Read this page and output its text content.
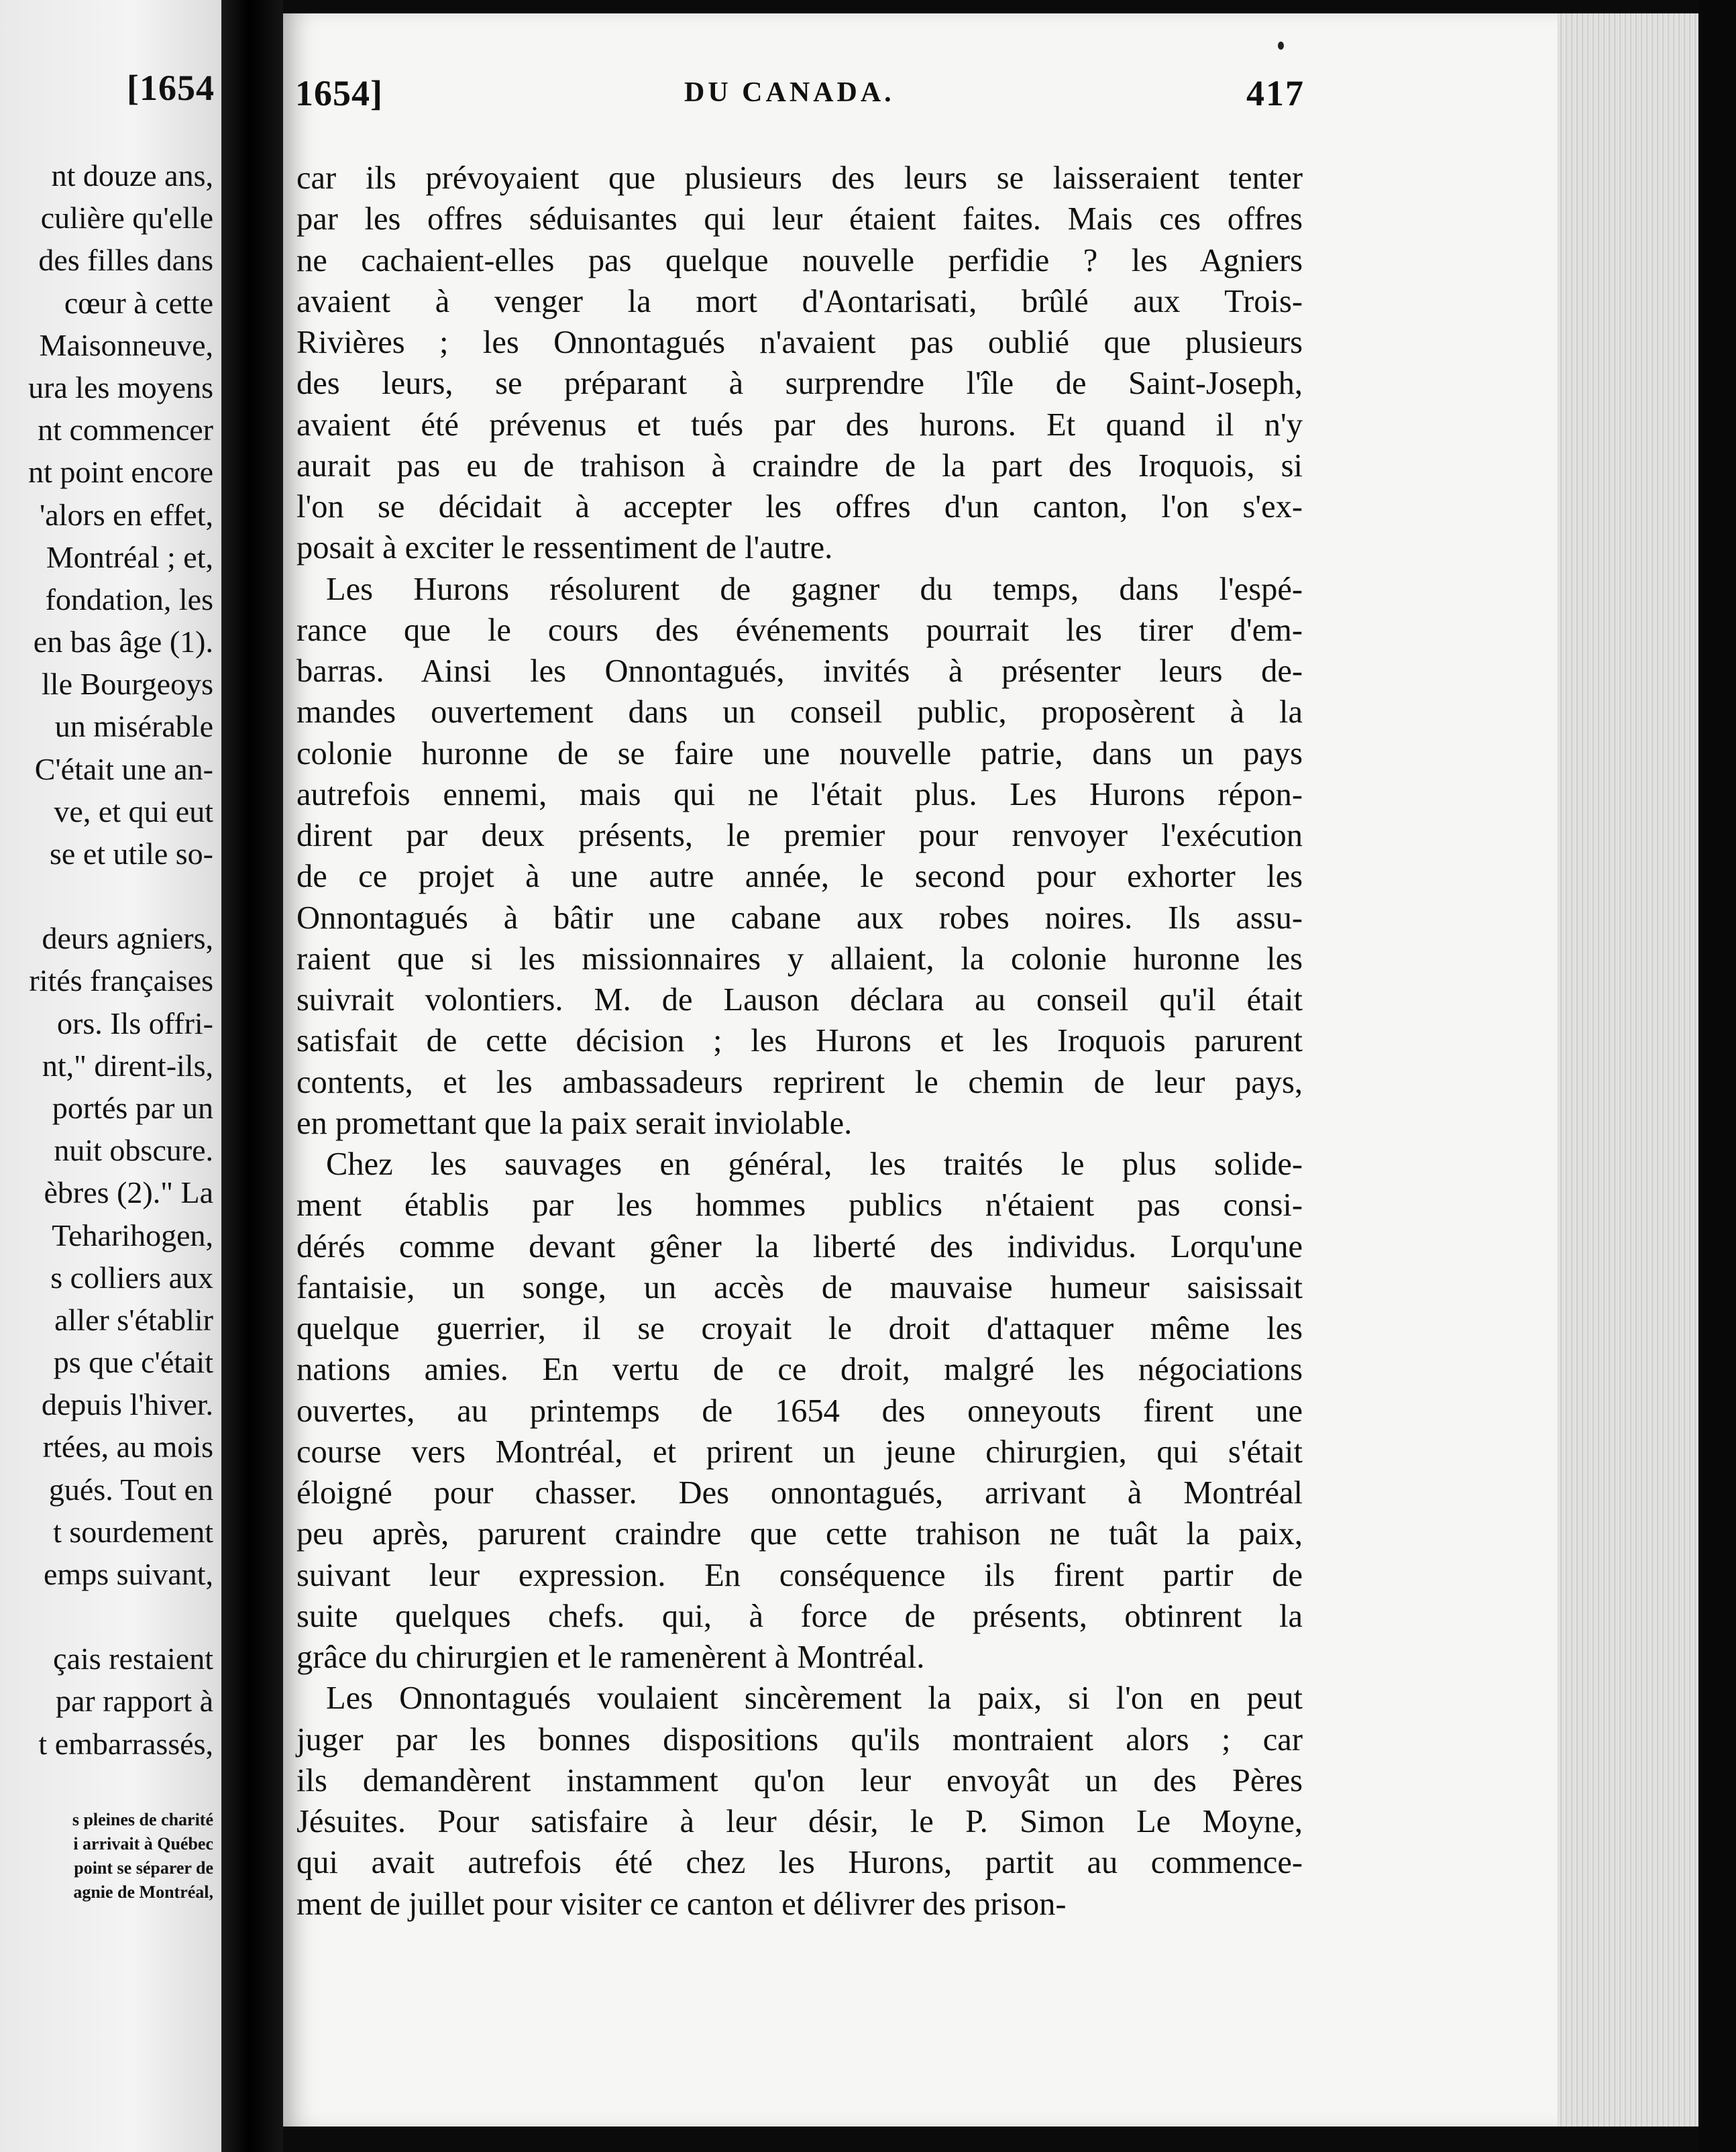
[1654
nt douze ans,
culière qu'elle
des filles dans
cœur à cette
Maisonneuve,
ura les moyens
nt commencer
nt point encore
'alors en effet,
Montréal ; et,
fondation, les
en bas âge (1).
lle Bourgeoys
un misérable
C'était une an-
ve, et qui eut
se et utile so-
deurs agniers,
rités françaises
ors. Ils offri-
nt," dirent-ils,
portés par un
nuit obscure.
èbres (2)." La
Teharihogen,
s colliers aux
aller s'établir
ps que c'était
depuis l'hiver.
rtées, au mois
gués. Tout en
t sourdement
emps suivant,
çais restaient
par rapport à
t embarrassés,
s pleines de charité
i arrivait à Québec
point se séparer de
agnie de Montréal,
1654]	DU CANADA.	417
car ils prévoyaient que plusieurs des leurs se laisseraient tenter
par les offres séduisantes qui leur étaient faites. Mais ces offres
ne cachaient-elles pas quelque nouvelle perfidie ? les Agniers
avaient à venger la mort d'Aontarisati, brûlé aux Trois-
Rivières ; les Onnontagués n'avaient pas oublié que plusieurs
des leurs, se préparant à surprendre l'île de Saint-Joseph,
avaient été prévenus et tués par des hurons. Et quand il n'y
aurait pas eu de trahison à craindre de la part des Iroquois, si
l'on se décidait à accepter les offres d'un canton, l'on s'ex-
posait à exciter le ressentiment de l'autre.
Les Hurons résolurent de gagner du temps, dans l'espé-
rance que le cours des événements pourrait les tirer d'em-
barras. Ainsi les Onnontagués, invités à présenter leurs de-
mandes ouvertement dans un conseil public, proposèrent à la
colonie huronne de se faire une nouvelle patrie, dans un pays
autrefois ennemi, mais qui ne l'était plus. Les Hurons répon-
dirent par deux présents, le premier pour renvoyer l'exécution
de ce projet à une autre année, le second pour exhorter les
Onnontagués à bâtir une cabane aux robes noires. Ils assu-
raient que si les missionnaires y allaient, la colonie huronne les
suivrait volontiers. M. de Lauson déclara au conseil qu'il était
satisfait de cette décision ; les Hurons et les Iroquois parurent
contents, et les ambassadeurs reprirent le chemin de leur pays,
en promettant que la paix serait inviolable.
Chez les sauvages en général, les traités le plus solide-
ment établis par les hommes publics n'étaient pas consi-
dérés comme devant gêner la liberté des individus. Lorqu'une
fantaisie, un songe, un accès de mauvaise humeur saisissait
quelque guerrier, il se croyait le droit d'attaquer même les
nations amies. En vertu de ce droit, malgré les négociations
ouvertes, au printemps de 1654 des onneyouts firent une
course vers Montréal, et prirent un jeune chirurgien, qui s'était
éloigné pour chasser. Des onnontagués, arrivant à Montréal
peu après, parurent craindre que cette trahison ne tuât la paix,
suivant leur expression. En conséquence ils firent partir de
suite quelques chefs. qui, à force de présents, obtinrent la
grâce du chirurgien et le ramenèrent à Montréal.
Les Onnontagués voulaient sincèrement la paix, si l'on en peut
juger par les bonnes dispositions qu'ils montraient alors ; car
ils demandèrent instamment qu'on leur envoyât un des Pères
Jésuites. Pour satisfaire à leur désir, le P. Simon Le Moyne,
qui avait autrefois été chez les Hurons, partit au commence-
ment de juillet pour visiter ce canton et délivrer des prison-
